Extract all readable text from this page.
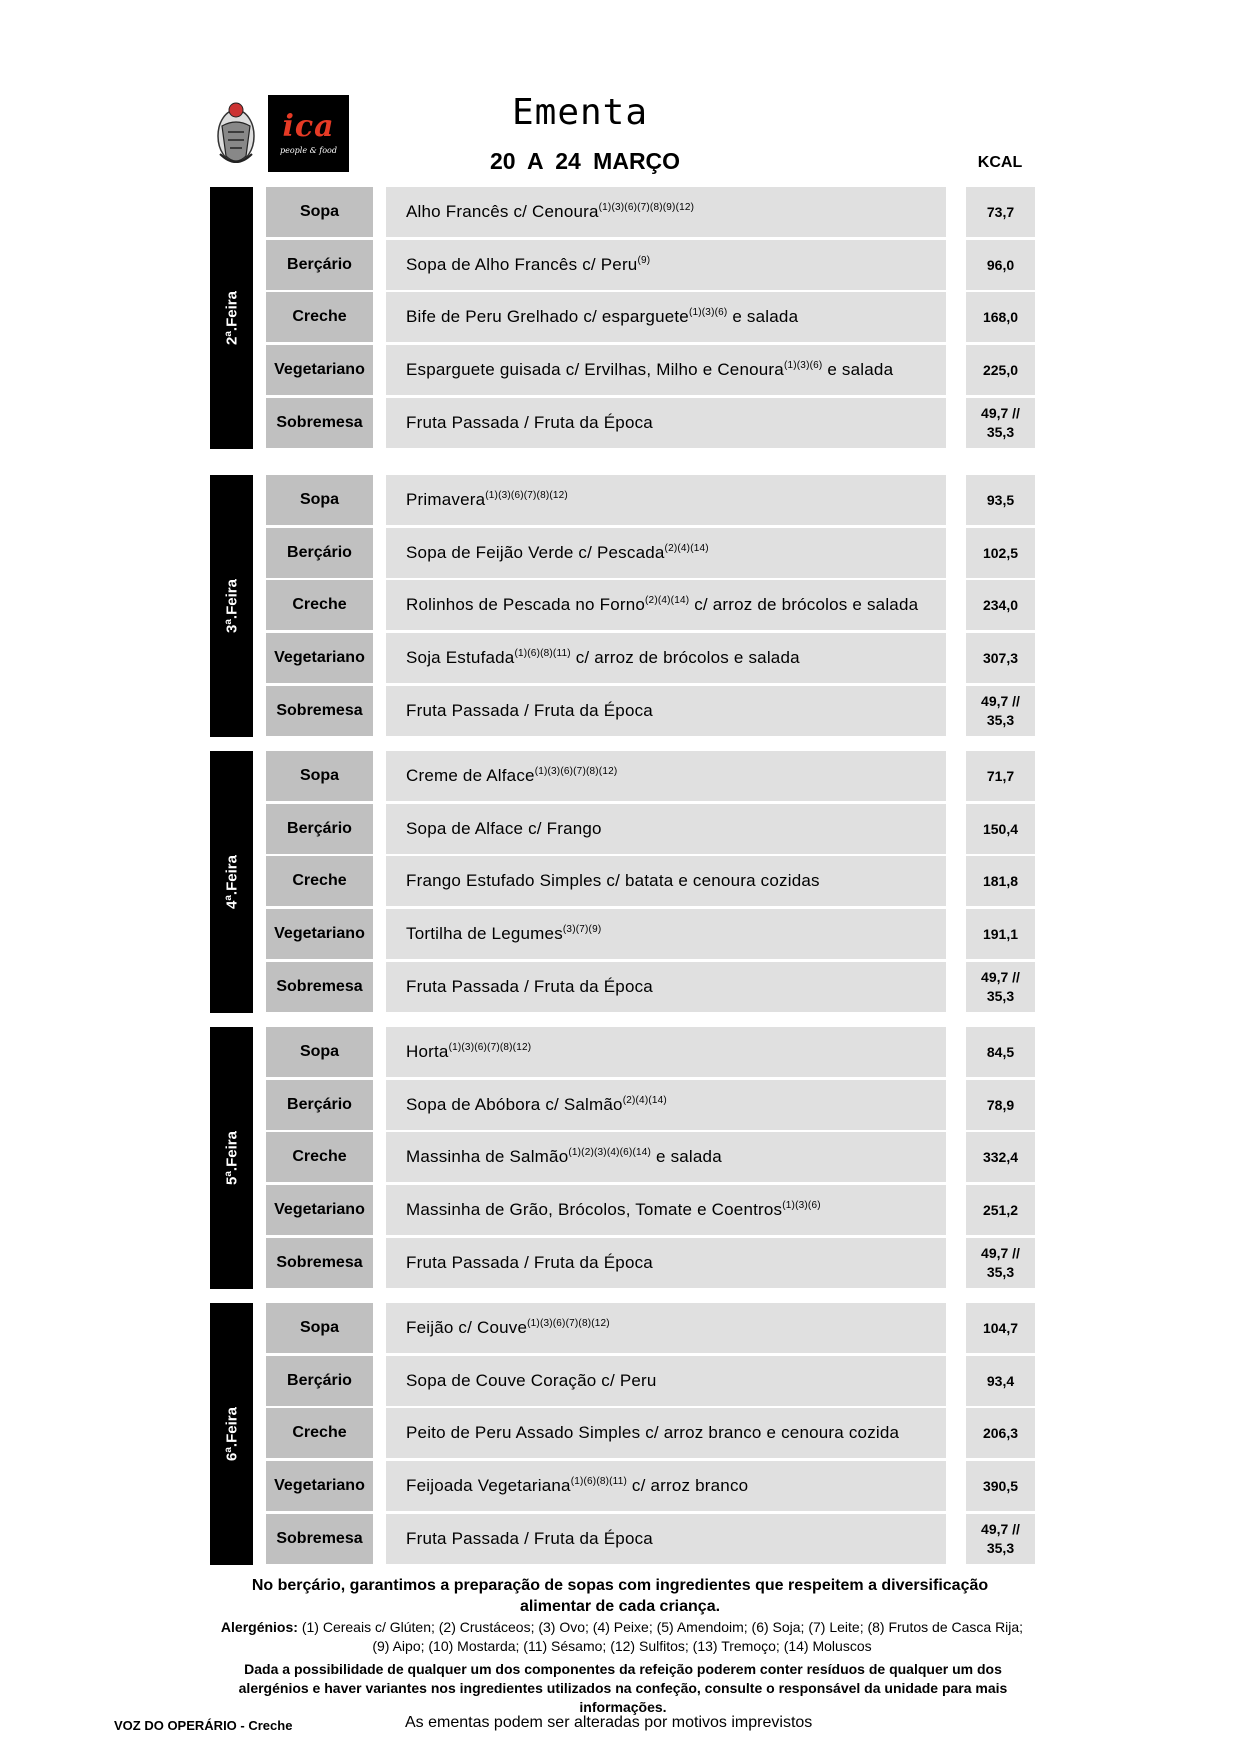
ica
people & food
Ementa
20 A 24 MARÇO	KCAL
2ª.Feira
Sopa	Alho Francês c/ Cenoura$^{(1)(3)(6)(7)(8)(9)(12)}$	73,7
Berçário	Sopa de Alho Francês c/ Peru$^{(9)}$	96,0
Creche	Bife de Peru Grelhado c/ esparguete$^{(1)(3)(6)}$ e salada	168,0
Vegetariano	Esparguete guisada c/ Ervilhas, Milho e Cenoura$^{(1)(3)(6)}$ e salada	225,0
Sobremesa	Fruta Passada / Fruta da Época	49,7 //
35,3
3ª.Feira
Sopa	Primavera$^{(1)(3)(6)(7)(8)(12)}$	93,5
Berçário	Sopa de Feijão Verde c/ Pescada$^{(2)(4)(14)}$	102,5
Creche	Rolinhos de Pescada no Forno$^{(2)(4)(14)}$ c/ arroz de brócolos e salada	234,0
Vegetariano	Soja Estufada$^{(1)(6)(8)(11)}$ c/ arroz de brócolos e salada	307,3
Sobremesa	Fruta Passada / Fruta da Época	49,7 //
35,3
4ª.Feira
Sopa	Creme de Alface$^{(1)(3)(6)(7)(8)(12)}$	71,7
Berçário	Sopa de Alface c/ Frango	150,4
Creche	Frango Estufado Simples c/ batata e cenoura cozidas	181,8
Vegetariano	Tortilha de Legumes$^{(3)(7)(9)}$	191,1
Sobremesa	Fruta Passada / Fruta da Época	49,7 //
35,3
5ª.Feira
Sopa	Horta$^{(1)(3)(6)(7)(8)(12)}$	84,5
Berçário	Sopa de Abóbora c/ Salmão$^{(2)(4)(14)}$	78,9
Creche	Massinha de Salmão$^{(1)(2)(3)(4)(6)(14)}$ e salada	332,4
Vegetariano	Massinha de Grão, Brócolos, Tomate e Coentros$^{(1)(3)(6)}$	251,2
Sobremesa	Fruta Passada / Fruta da Época	49,7 //
35,3
6ª.Feira
Sopa	Feijão c/ Couve$^{(1)(3)(6)(7)(8)(12)}$	104,7
Berçário	Sopa de Couve Coração c/ Peru	93,4
Creche	Peito de Peru Assado Simples c/ arroz branco e cenoura cozida	206,3
Vegetariano	Feijoada Vegetariana$^{(1)(6)(8)(11)}$ c/ arroz branco	390,5
Sobremesa	Fruta Passada / Fruta da Época	49,7 //
35,3
No berçário, garantimos a preparação de sopas com ingredientes que respeitem a diversificação alimentar de cada criança.
Alergénios: (1) Cereais c/ Glúten; (2) Crustáceos; (3) Ovo; (4) Peixe; (5) Amendoim; (6) Soja; (7) Leite; (8) Frutos de Casca Rija; (9) Aipo; (10) Mostarda; (11) Sésamo; (12) Sulfitos; (13) Tremoço; (14) Moluscos
Dada a possibilidade de qualquer um dos componentes da refeição poderem conter resíduos de qualquer um dos alergénios e haver variantes nos ingredientes utilizados na confeção, consulte o responsável da unidade para mais informações.
VOZ DO OPERÁRIO - Creche	As ementas podem ser alteradas por motivos imprevistos
